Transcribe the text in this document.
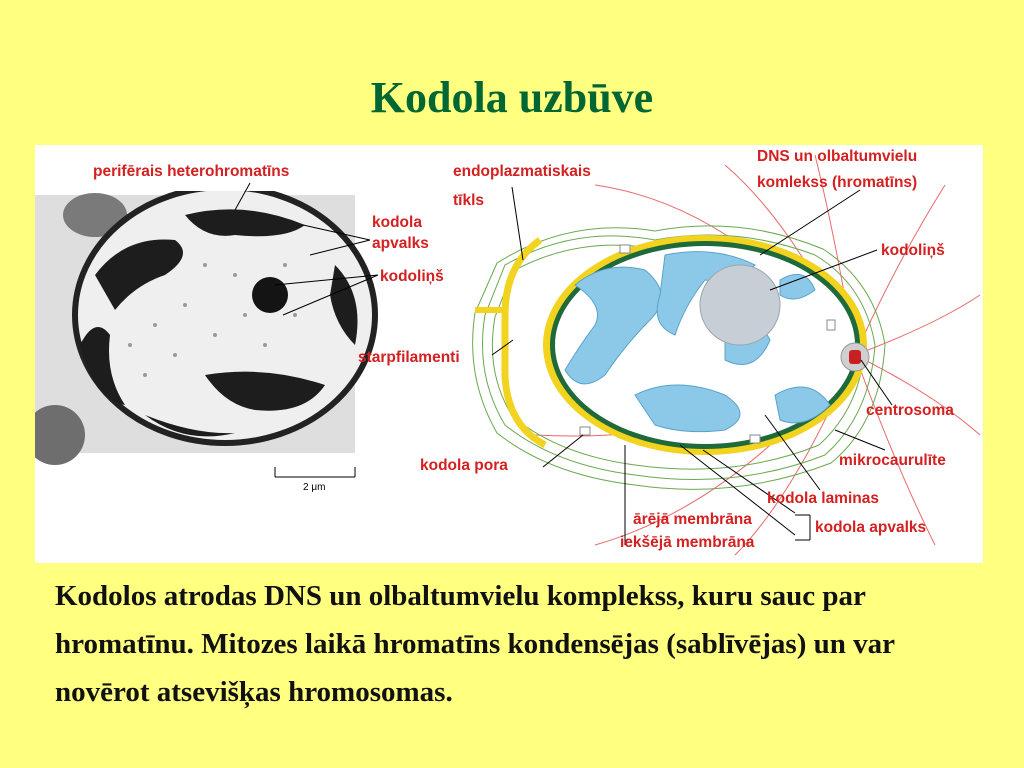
Kodola uzbūve
2 μm
perifērais heterohromatīns
kodola
apvalks
kodoliņš
endoplazmatiskais
tīkls
DNS un olbaltumvielu
komlekss (hromatīns)
kodoliņš
starpfilamenti
centrosoma
mikrocaurulīte
kodola pora
kodola laminas
ārējā membrāna	kodola apvalks
iekšējā membrāna

Kodolos atrodas DNS un olbaltumvielu komplekss, kuru sauc par hromatīnu. Mitozes laikā hromatīns kondensējas (sablīvējas) un var novērot atsevišķas hromosomas.
